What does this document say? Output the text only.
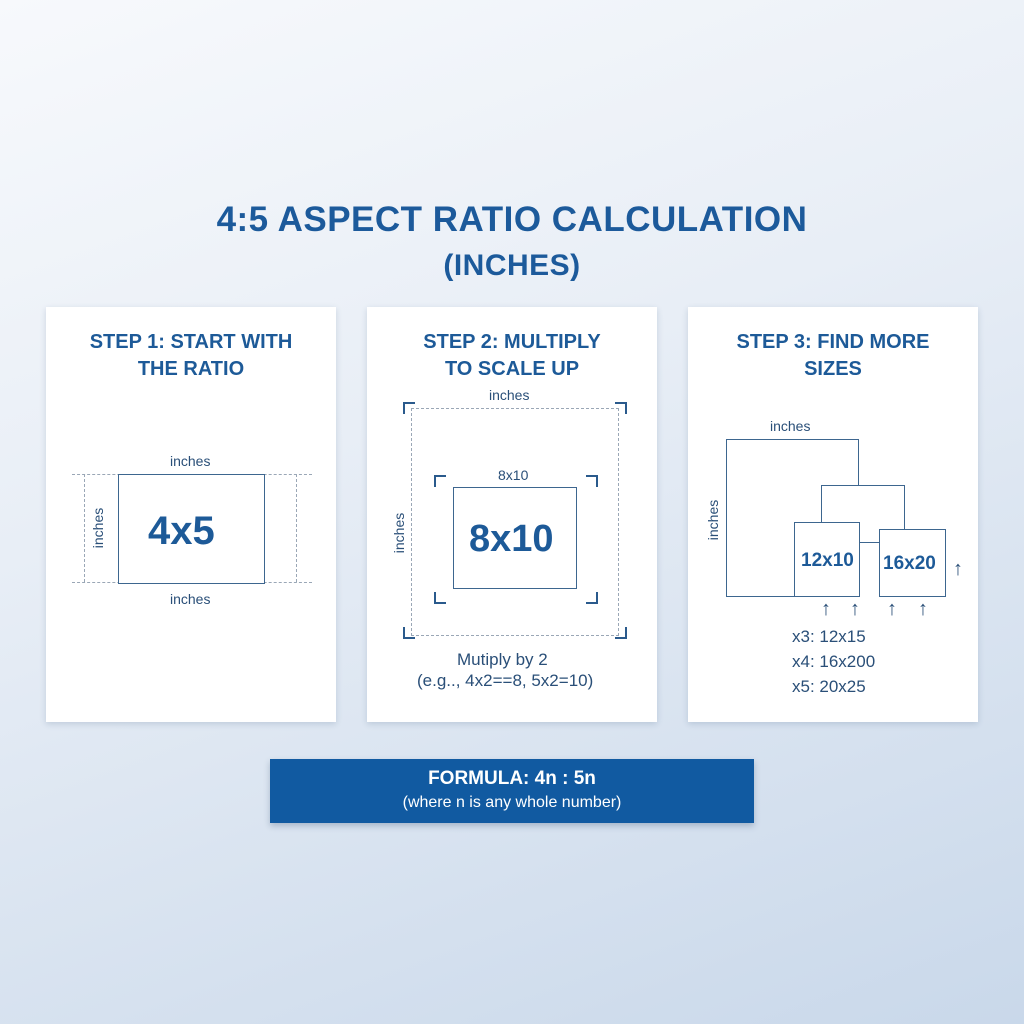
4:5 ASPECT RATIO CALCULATION
(INCHES)
STEP 1: START WITH
THE RATIO
inches
4x5
inches
inches
STEP 2: MULTIPLY
TO SCALE UP
inches
inches
8x10
8x10
Mutiply by 2
(e.g.., 4x2==8, 5x2=10)
STEP 3: FIND MORE
SIZES
inches
inches
12x10 16x20 ↑
↑ ↑ ↑ ↑
x3: 12x15
x4: 16x200
x5: 20x25
FORMULA: 4n : 5n
(where n is any whole number)
